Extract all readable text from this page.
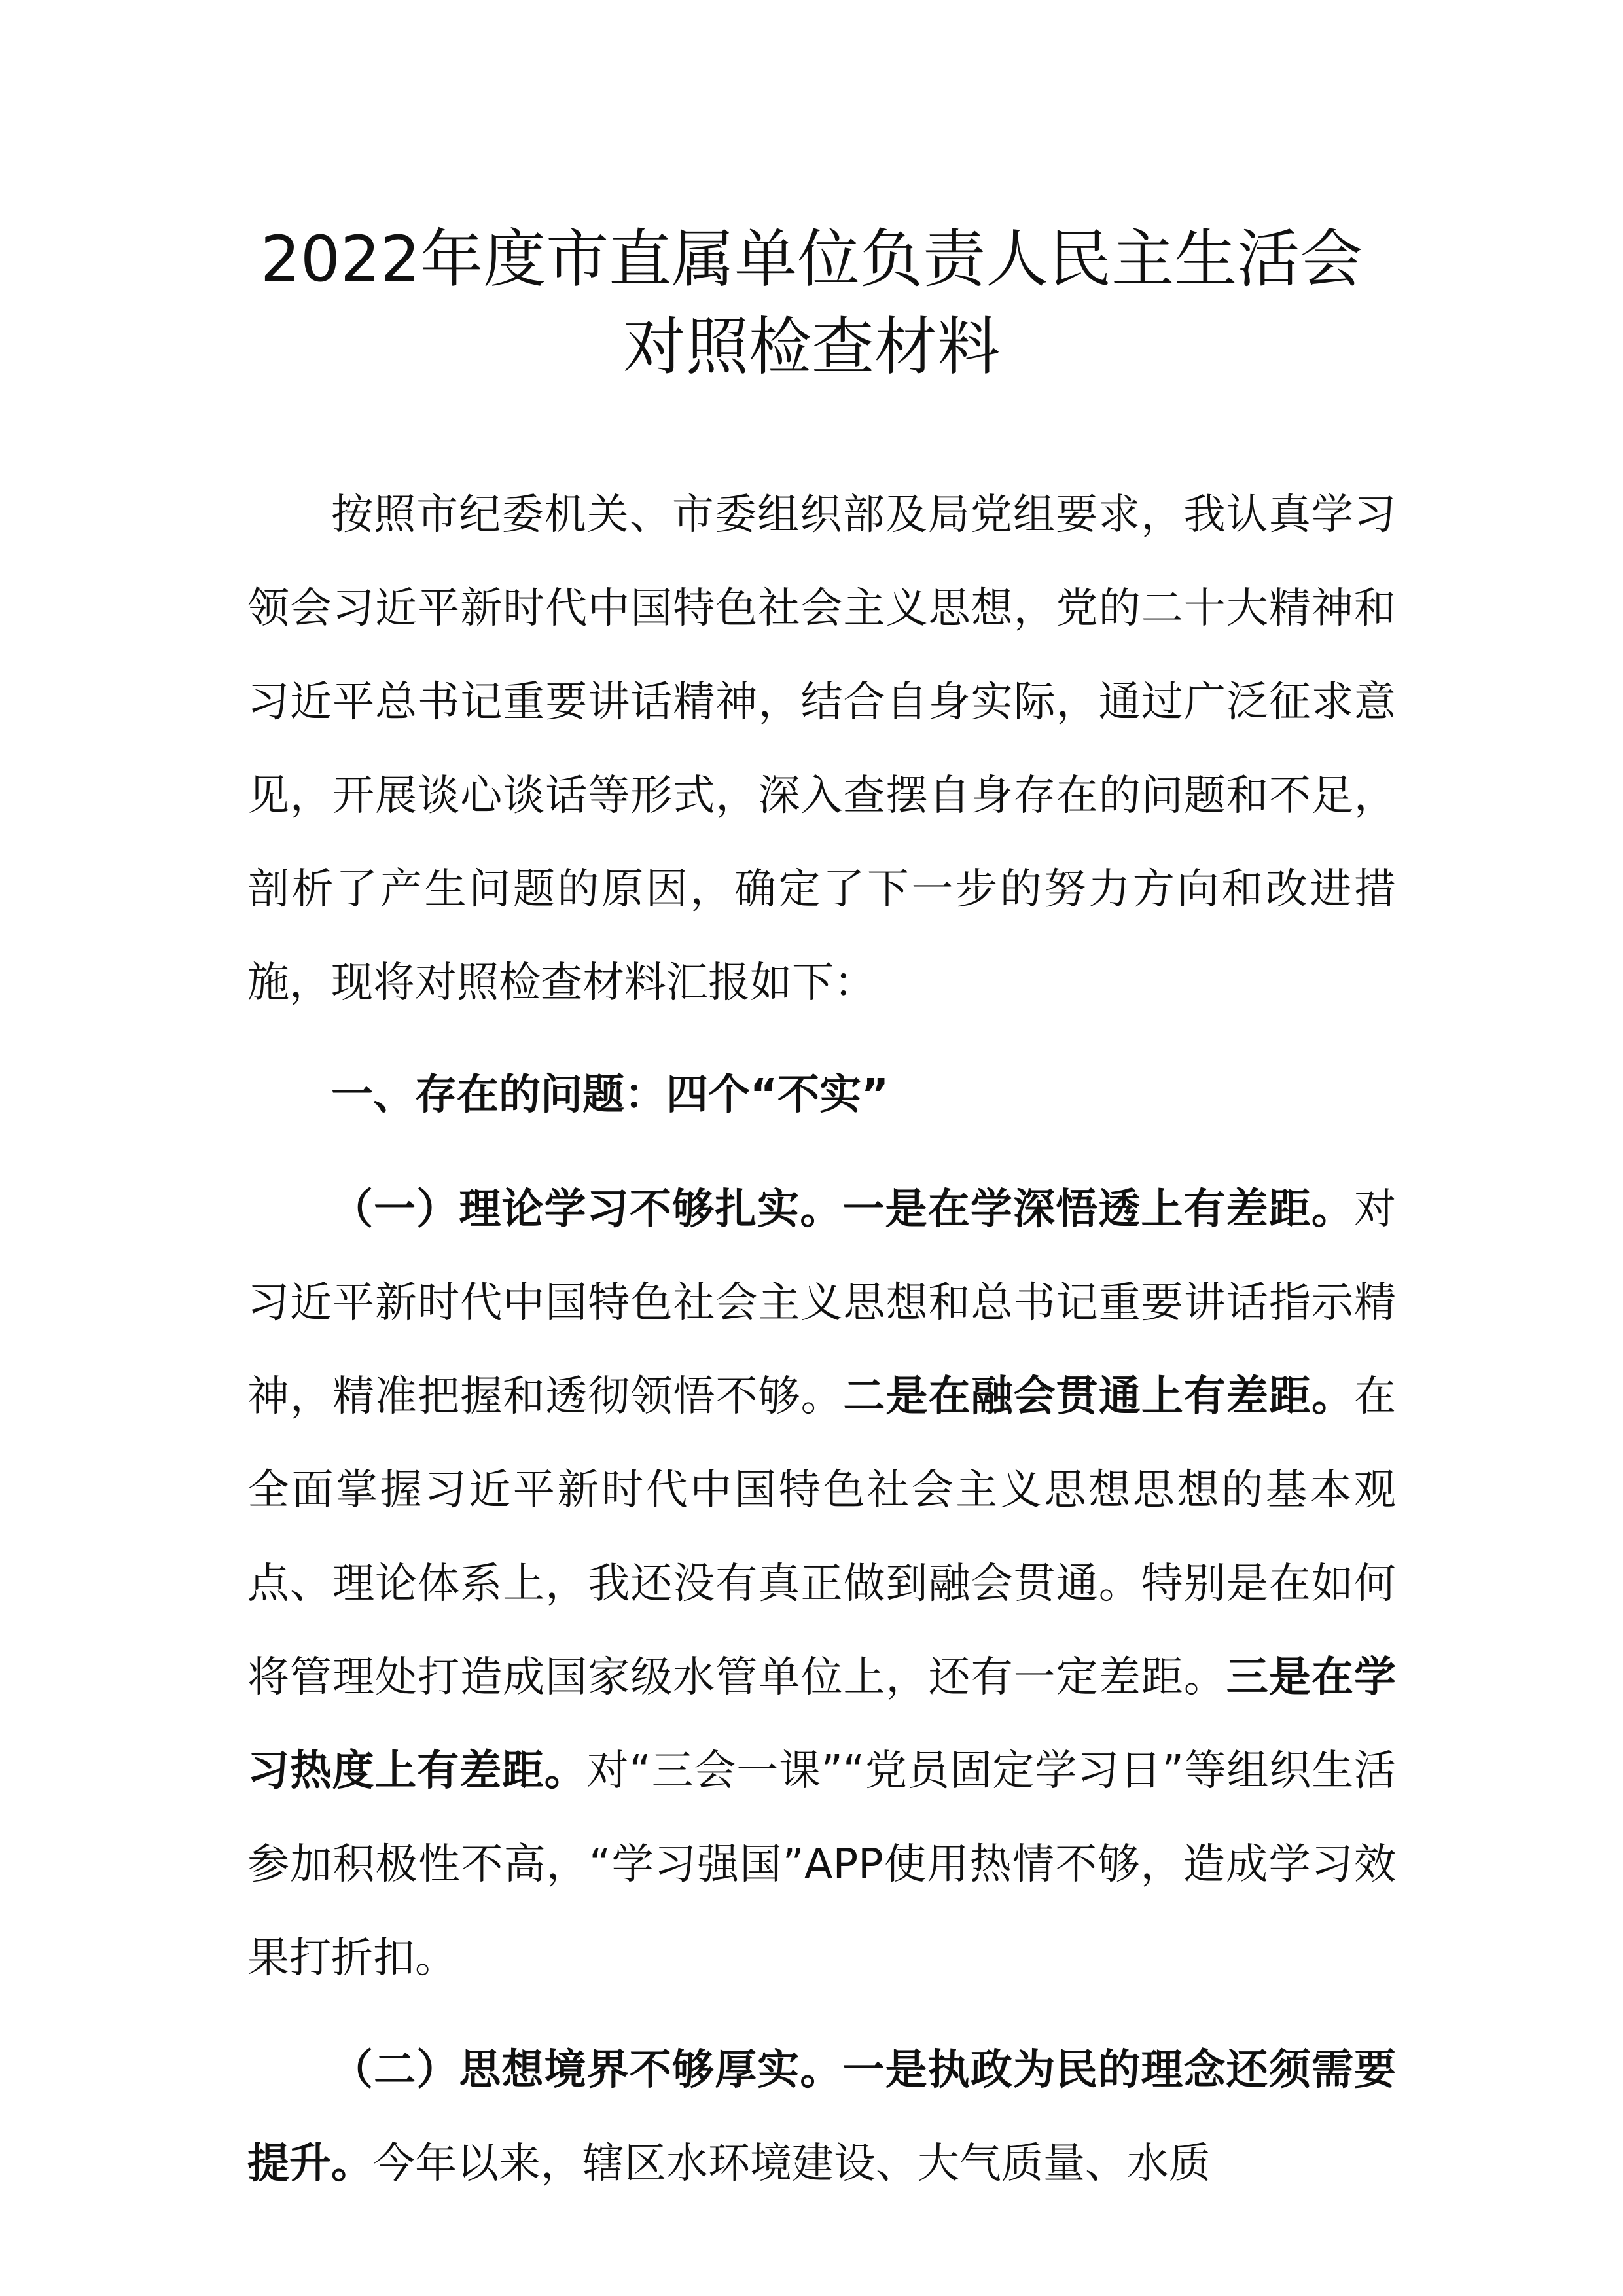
2022年度市直属单位负责人民主生活会
对照检查材料

按照市纪委机关、市委组织部及局党组要求，我认真学习领会习近平新时代中国特色社会主义思想，党的二十大精神和习近平总书记重要讲话精神，结合自身实际，通过广泛征求意见，开展谈心谈话等形式，深入查摆自身存在的问题和不足，剖析了产生问题的原因，确定了下一步的努力方向和改进措施，现将对照检查材料汇报如下：

一、存在的问题：四个“不实”

（一）理论学习不够扎实。一是在学深悟透上有差距。对习近平新时代中国特色社会主义思想和总书记重要讲话指示精神，精准把握和透彻领悟不够。二是在融会贯通上有差距。在全面掌握习近平新时代中国特色社会主义思想思想的基本观点、理论体系上，我还没有真正做到融会贯通。特别是在如何将管理处打造成国家级水管单位上，还有一定差距。三是在学习热度上有差距。对“三会一课”“党员固定学习日”等组织生活参加积极性不高，“学习强国”APP使用热情不够，造成学习效果打折扣。

（二）思想境界不够厚实。一是执政为民的理念还须需要提升。今年以来，辖区水环境建设、大气质量、水质
